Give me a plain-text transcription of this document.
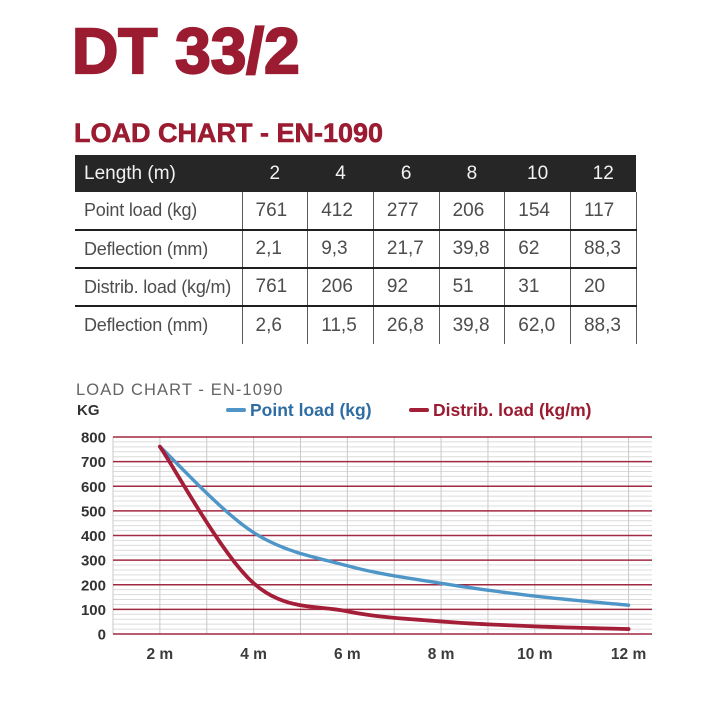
DT 33/2
LOAD CHART - EN-1090
Length (m)	2	4	6	8	10	12
Point load (kg)	761	412	277	206	154	117
Deflection (mm)	2,1	9,3	21,7	39,8	62	88,3
Distrib. load (kg/m)	761	206	92	51	31	20
Deflection (mm)	2,6	11,5	26,8	39,8	62,0	88,3
LOAD CHART - EN-1090
KG	Point load (kg)	Distrib. load (kg/m)
0
100
200
300
400
500
600
700
800
2 m	4 m	6 m	8 m	10 m	12 m
